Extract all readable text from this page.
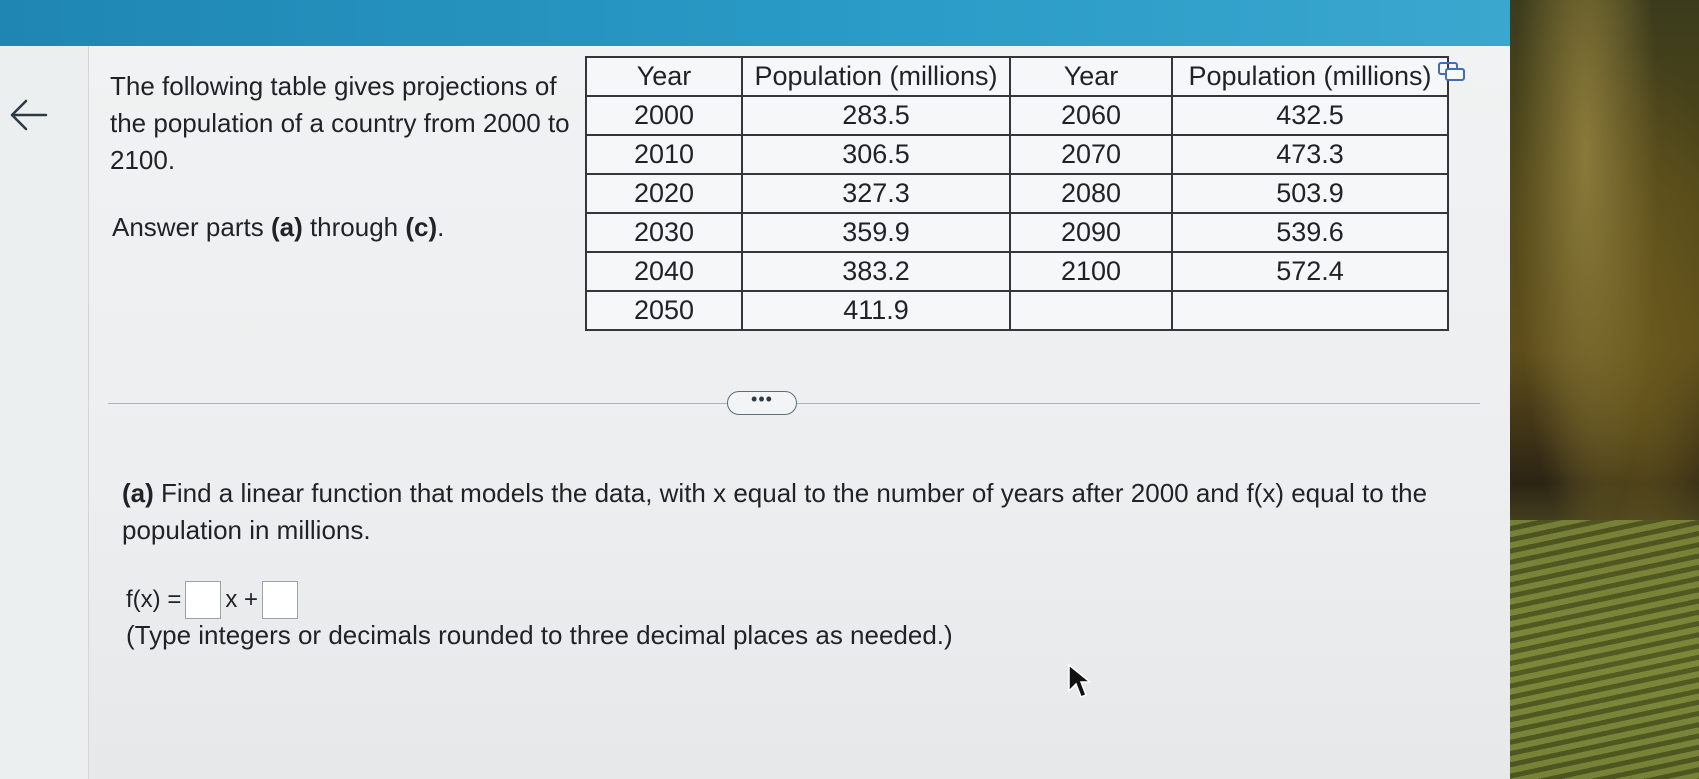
The following table gives projections of the population of a country from 2000 to 2100.

Answer parts (a) through (c).
Year	Population (millions)	Year	Population (millions)
2000	283.5	2060	432.5
2010	306.5	2070	473.3
2020	327.3	2080	503.9
2030	359.9	2090	539.6
2040	383.2	2100	572.4
2050	411.9		
•••
(a) Find a linear function that models the data, with x equal to the number of years after 2000 and f(x) equal to the population in millions.
f(x) = x +
(Type integers or decimals rounded to three decimal places as needed.)
